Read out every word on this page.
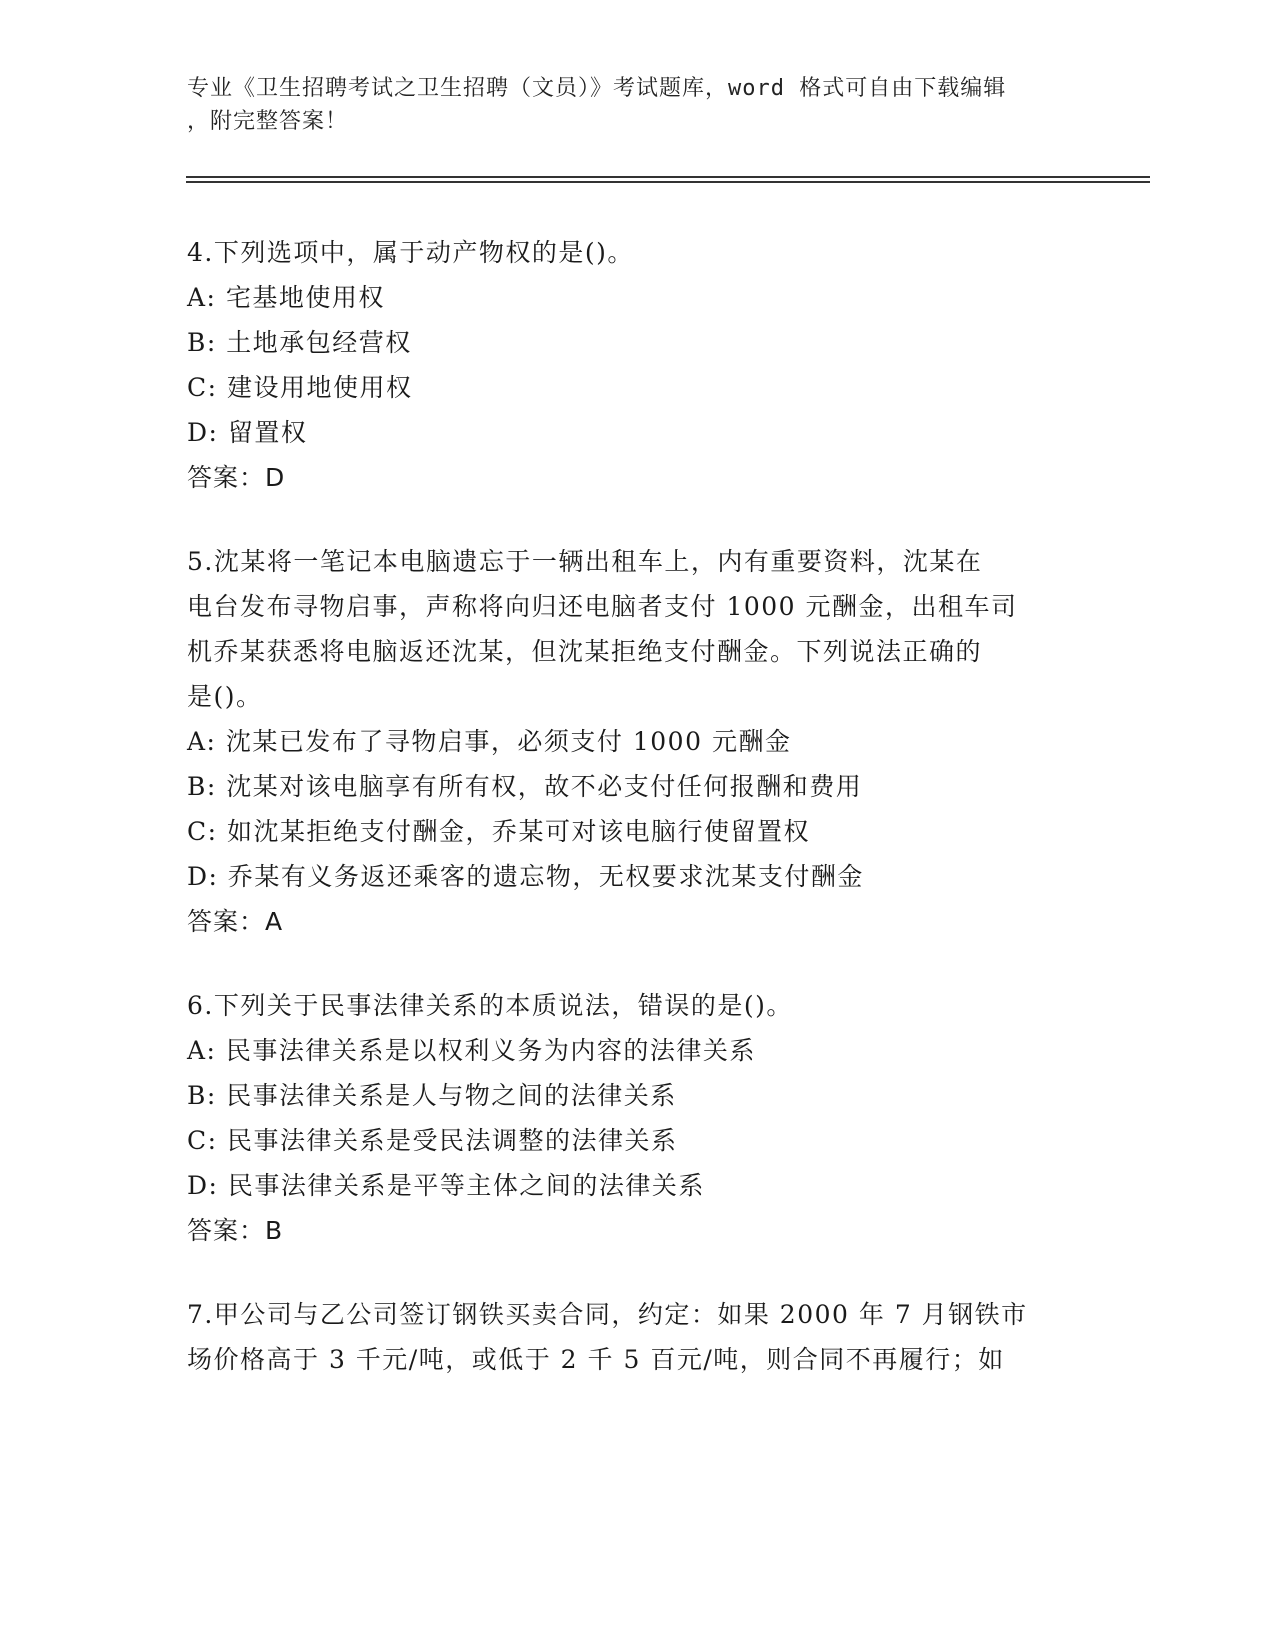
专业《卫生招聘考试之卫生招聘（文员）》考试题库，word 格式可自由下载编辑
，附完整答案！

4.下列选项中，属于动产物权的是()。

A: 宅基地使用权

B: 土地承包经营权

C: 建设用地使用权

D: 留置权

答案：D

5.沈某将一笔记本电脑遗忘于一辆出租车上，内有重要资料，沈某在

电台发布寻物启事，声称将向归还电脑者支付 1000 元酬金，出租车司

机乔某获悉将电脑返还沈某，但沈某拒绝支付酬金。下列说法正确的

是()。

A: 沈某已发布了寻物启事，必须支付 1000 元酬金

B: 沈某对该电脑享有所有权，故不必支付任何报酬和费用

C: 如沈某拒绝支付酬金，乔某可对该电脑行使留置权

D: 乔某有义务返还乘客的遗忘物，无权要求沈某支付酬金

答案：A

6.下列关于民事法律关系的本质说法，错误的是()。

A: 民事法律关系是以权利义务为内容的法律关系

B: 民事法律关系是人与物之间的法律关系

C: 民事法律关系是受民法调整的法律关系

D: 民事法律关系是平等主体之间的法律关系

答案：B

7.甲公司与乙公司签订钢铁买卖合同，约定：如果 2000 年 7 月钢铁市

场价格高于 3 千元/吨，或低于 2 千 5 百元/吨，则合同不再履行；如
